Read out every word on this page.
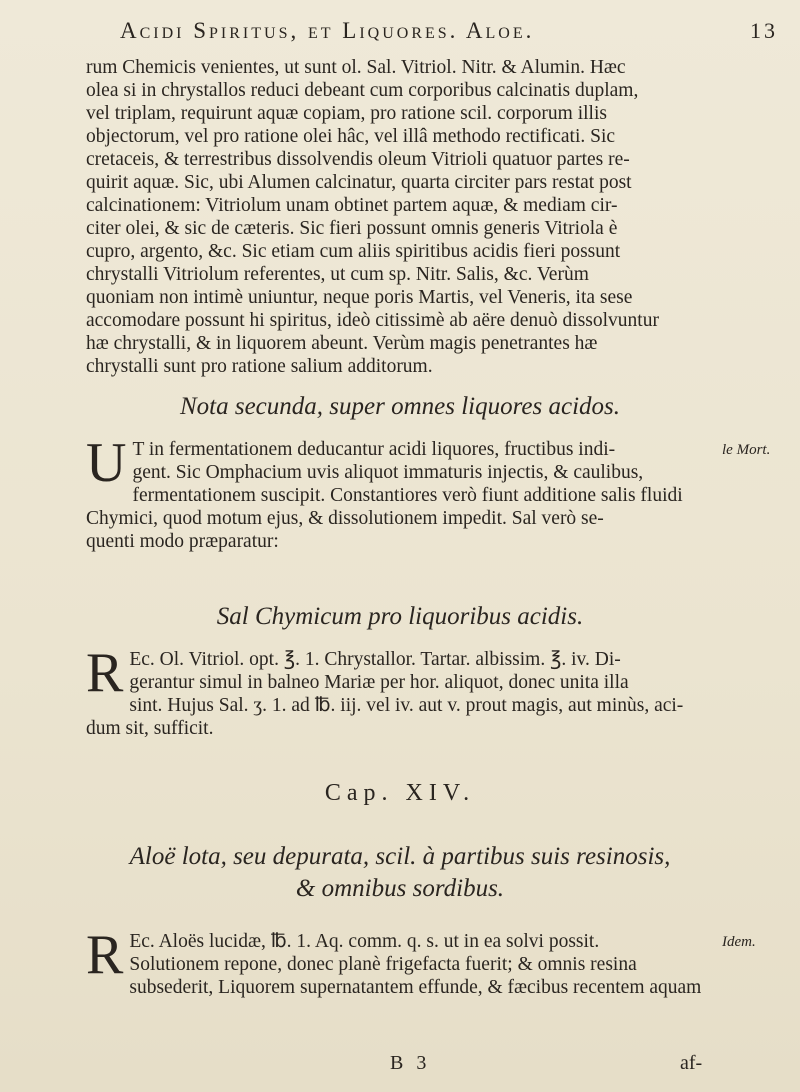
Acidi Spiritus, et Liquores. Aloe.	13
rum Chemicis venientes, ut sunt ol. Sal. Vitriol. Nitr. & Alumin. Hæc
olea si in chrystallos reduci debeant cum corporibus calcinatis duplam,
vel triplam, requirunt aquæ copiam, pro ratione scil. corporum illis
objectorum, vel pro ratione olei hâc, vel illâ methodo rectificati. Sic
cretaceis, & terrestribus dissolvendis oleum Vitrioli quatuor partes re-
quirit aquæ. Sic, ubi Alumen calcinatur, quarta circiter pars restat post
calcinationem: Vitriolum unam obtinet partem aquæ, & mediam cir-
citer olei, & sic de cæteris. Sic fieri possunt omnis generis Vitriola è
cupro, argento, &c. Sic etiam cum aliis spiritibus acidis fieri possunt
chrystalli Vitriolum referentes, ut cum sp. Nitr. Salis, &c. Verùm
quoniam non intimè uniuntur, neque poris Martis, vel Veneris, ita sese
accomodare possunt hi spiritus, ideò citissimè ab aëre denuò dissolvuntur
hæ chrystalli, & in liquorem abeunt. Verùm magis penetrantes hæ
chrystalli sunt pro ratione salium additorum.
Nota secunda, super omnes liquores acidos.
U T in fermentationem deducantur acidi liquores, fructibus indi-
gent. Sic Omphacium uvis aliquot immaturis injectis, & caulibus,
fermentationem suscipit. Constantiores verò fiunt additione salis fluidi
Chymici, quod motum ejus, & dissolutionem impedit. Sal verò se-
quenti modo præparatur:
le Mort.
Sal Chymicum pro liquoribus acidis.
R Ec. Ol. Vitriol. opt. ℥. 1. Chrystallor. Tartar. albissim. ℥. iv. Di-
gerantur simul in balneo Mariæ per hor. aliquot, donec unita illa
sint. Hujus Sal. ʒ. 1. ad ℔. iij. vel iv. aut v. prout magis, aut minùs, aci-
dum sit, sufficit.
Cap. XIV.
Aloë lota, seu depurata, scil. à partibus suis resinosis,
& omnibus sordibus.
R Ec. Aloës lucidæ, ℔. 1. Aq. comm. q. s. ut in ea solvi possit.
Solutionem repone, donec planè frigefacta fuerit; & omnis resina
subsederit, Liquorem supernatantem effunde, & fæcibus recentem aquam
Idem.
B 3	af-
